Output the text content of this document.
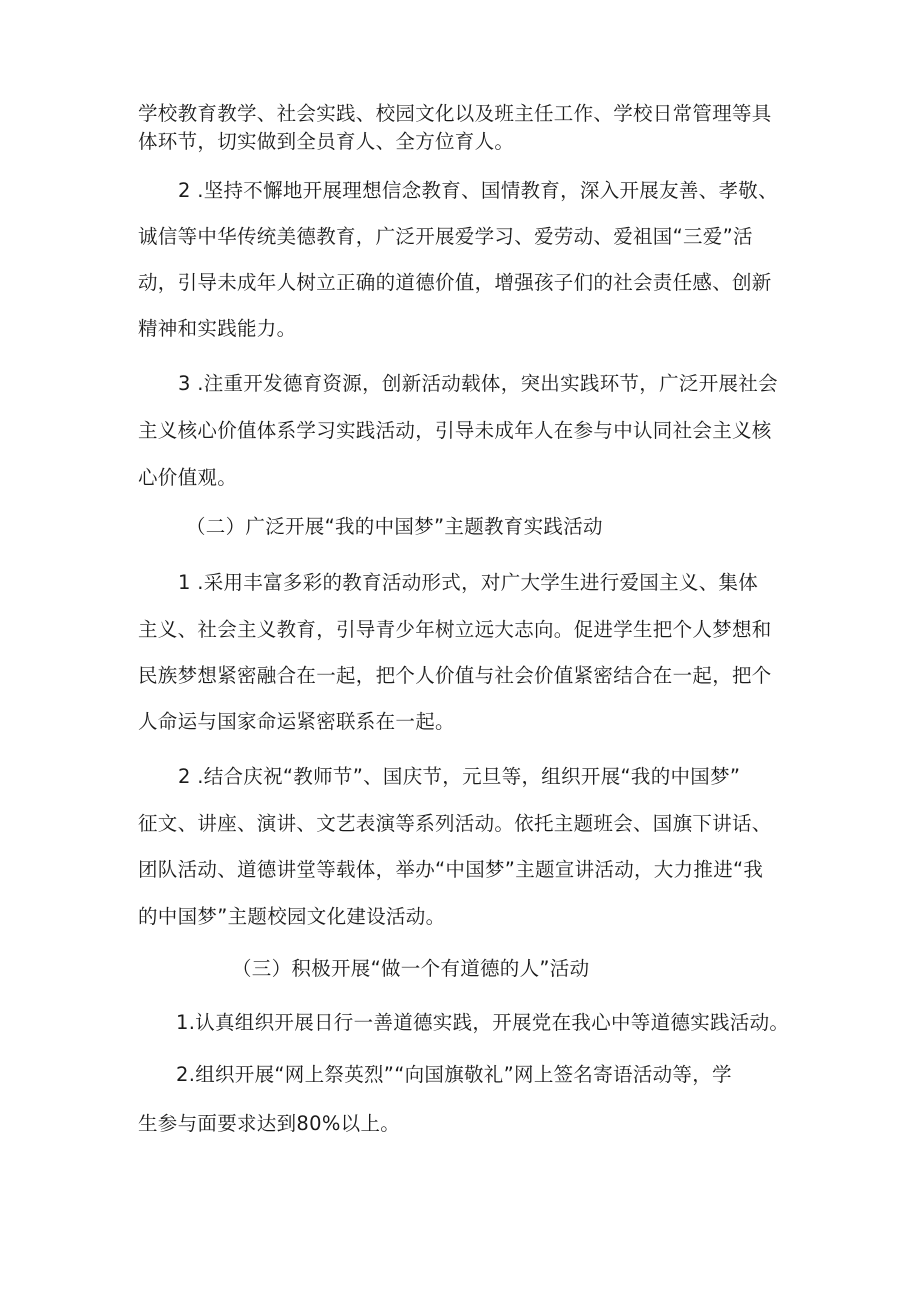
学校教育教学、社会实践、校园文化以及班主任工作、学校日常管理等具
体环节，切实做到全员育人、全方位育人。
2 .坚持不懈地开展理想信念教育、国情教育，深入开展友善、孝敬、
诚信等中华传统美德教育，广泛开展爱学习、爱劳动、爱祖国“三爱”活
动，引导未成年人树立正确的道德价值，增强孩子们的社会责任感、创新
精神和实践能力。
3 .注重开发德育资源，创新活动载体，突出实践环节，广泛开展社会
主义核心价值体系学习实践活动，引导未成年人在参与中认同社会主义核
心价值观。
（二）广泛开展“我的中国梦”主题教育实践活动
1 .采用丰富多彩的教育活动形式，对广大学生进行爱国主义、集体
主义、社会主义教育，引导青少年树立远大志向。促进学生把个人梦想和
民族梦想紧密融合在一起，把个人价值与社会价值紧密结合在一起，把个
人命运与国家命运紧密联系在一起。
2 .结合庆祝“教师节”、国庆节，元旦等，组织开展“我的中国梦”
征文、讲座、演讲、文艺表演等系列活动。依托主题班会、国旗下讲话、
团队活动、道德讲堂等载体，举办“中国梦”主题宣讲活动，大力推进“我
的中国梦”主题校园文化建设活动。
（三）积极开展“做一个有道德的人”活动
1.认真组织开展日行一善道德实践，开展党在我心中等道德实践活动。
2.组织开展“网上祭英烈”“向国旗敬礼”网上签名寄语活动等，学
生参与面要求达到80%以上。
